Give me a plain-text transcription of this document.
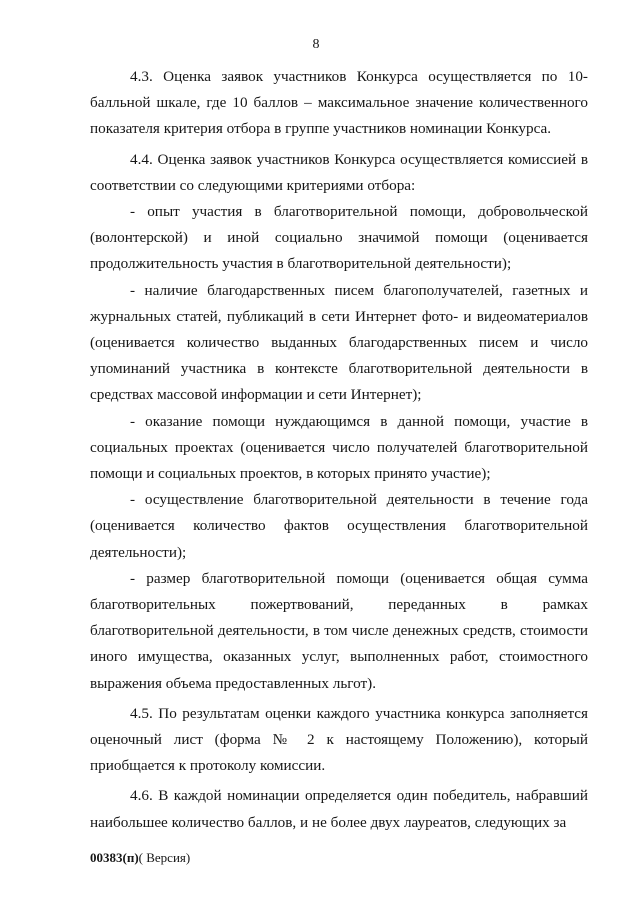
8

4.3. Оценка заявок участников Конкурса осуществляется по 10-балльной шкале, где 10 баллов – максимальное значение количественного показателя критерия отбора в группе участников номинации Конкурса.

4.4. Оценка заявок участников Конкурса осуществляется комиссией в соответствии со следующими критериями отбора:

- опыт участия в благотворительной помощи, добровольческой (волонтерской) и иной социально значимой помощи (оценивается продолжительность участия в благотворительной деятельности);

- наличие благодарственных писем благополучателей, газетных и журнальных статей, публикаций в сети Интернет фото- и видеоматериалов (оценивается количество выданных благодарственных писем и число упоминаний участника в контексте благотворительной деятельности в средствах массовой информации и сети Интернет);

- оказание помощи нуждающимся в данной помощи, участие в социальных проектах (оценивается число получателей благотворительной помощи и социальных проектов, в которых принято участие);

- осуществление благотворительной деятельности в течение года (оценивается количество фактов осуществления благотворительной деятельности);

- размер благотворительной помощи (оценивается общая сумма благотворительных пожертвований, переданных в рамках благотворительной деятельности, в том числе денежных средств, стоимости иного имущества, оказанных услуг, выполненных работ, стоимостного выражения объема предоставленных льгот).

4.5. По результатам оценки каждого участника конкурса заполняется оценочный лист (форма № 2 к настоящему Положению), который приобщается к протоколу комиссии.

4.6. В каждой номинации определяется один победитель, набравший наибольшее количество баллов, и не более двух лауреатов, следующих за

00383(п)( Версия)
